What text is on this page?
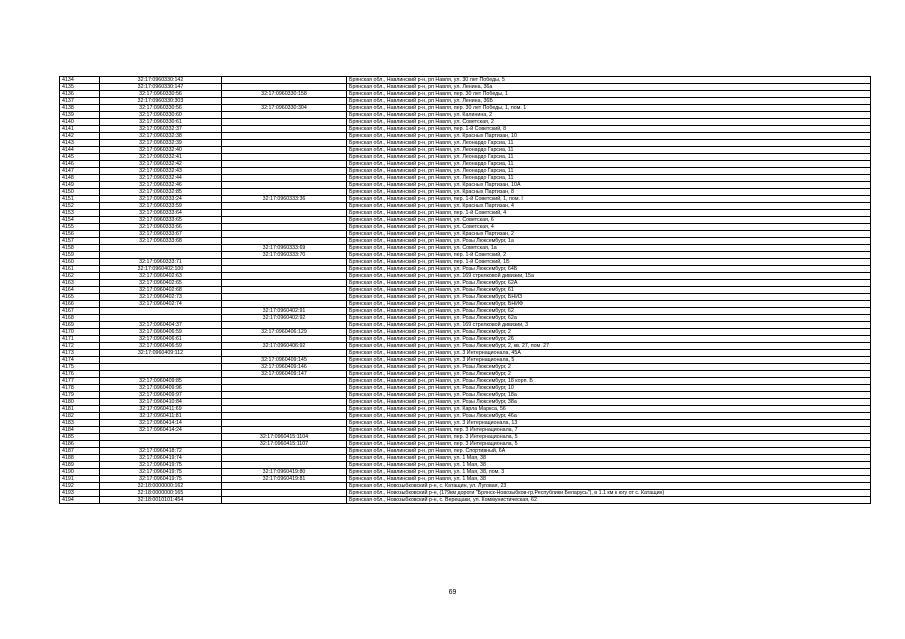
4134	32:17:0960330:142		Брянская обл., Навлинский р-н, рп Навля, ул. 30 лет Победы, 5
4135	32:17:0960330:147		Брянская обл., Навлинский р-н, рп Навля, ул. Ленина, 36а
4136	32:17:0960330:56	32:17:0960330:158	Брянская обл., Навлинский р-н, рп Навля, пер. 30 лет Победы, 1
4137	32:17:0960330:303		Брянская обл., Навлинский р-н, рп Навля, ул. Ленина, 36Б
4138	32:17:0960330:56	32:17:0960330:304	Брянская обл., Навлинский р-н, рп Навля, пер. 30 лет Победы, 1, пом. 1
4139	32:17:0960330:60		Брянская обл., Навлинский р-н, рп Навля, ул. Калинина, 2
4140	32:17:0960330:61		Брянская обл., Навлинский р-н, рп Навля, ул. Советская, 2
4141	32:17:0960332:37		Брянская обл., Навлинский р-н, рп Навля, пер. 1-й Советский, 8
4142	32:17:0960332:38		Брянская обл., Навлинский р-н, рп Навля, ул. Красных Партизан, 10
4143	32:17:0960332:39		Брянская обл., Навлинский р-н, рп Навля, ул. Леонардо Гарсиа, 11
4144	32:17:0960332:40		Брянская обл., Навлинский р-н, рп Навля, ул. Леонардо Гарсиа, 11
4145	32:17:0960332:41		Брянская обл., Навлинский р-н, рп Навля, ул. Леонардо Гарсиа, 11
4146	32:17:0960332:42		Брянская обл., Навлинский р-н, рп Навля, ул. Леонардо Гарсиа, 11
4147	32:17:0960332:43		Брянская обл., Навлинский р-н, рп Навля, ул. Леонардо Гарсиа, 11
4148	32:17:0960332:44		Брянская обл., Навлинский р-н, рп Навля, ул. Леонардо Гарсиа, 11
4149	32:17:0960332:46		Брянская обл., Навлинский р-н, рп Навля, ул. Красных Партизан, 10А
4150	32:17:0960332:85		Брянская обл., Навлинский р-н, рп Навля, ул. Красных Партизан, 8
4151	32:17:0960333:24	32:17:0960333:36	Брянская обл., Навлинский р-н, рп Навля, пер. 1-й Советский, 1, пом. I
4152	32:17:0960333:59		Брянская обл., Навлинский р-н, рп Навля, ул. Красных Партизан, 4
4153	32:17:0960333:64		Брянская обл., Навлинский р-н, рп Навля, пер. 1-й Советский, 4
4154	32:17:0960333:65		Брянская обл., Навлинский р-н, рп Навля, ул. Советская, 6
4155	32:17:0960333:66		Брянская обл., Навлинский р-н, рп Навля, ул. Советская, 4
4156	32:17:0960333:67		Брянская обл., Навлинский р-н, рп Навля, ул. Красных Партизан, 2
4157	32:17:0960333:68		Брянская обл., Навлинский р-н, рп Навля, ул. Розы Люксембург, 1а
4158		32:17:0960333:69	Брянская обл., Навлинский р-н, рп Навля, ул. Советская, 1а
4159		32:17:0960333:70	Брянская обл., Навлинский р-н, рп Навля, пер. 1-й Советский, 2
4160	32:17:0960333:71		Брянская обл., Навлинский р-н, рп Навля, пер. 1-й Советский, 1Б
4161	32:17:0960402:100		Брянская обл., Навлинский р-н, рп Навля, ул. Розы Люксембург, 64Б
4162	32:17:0960402:63		Брянская обл., Навлинский р-н, рп Навля, ул. 169 стрелковой дивизии, 15а
4163	32:17:0960402:65		Брянская обл., Навлинский р-н, рп Навля, ул. Розы Люксембург, 62А
4164	32:17:0960402:68		Брянская обл., Навлинский р-н, рп Навля, ул. Розы Люксембург, 61
4165	32:17:0960402:73		Брянская обл., Навлинский р-н, рп Навля, ул. Розы Люксембург, БНИЗ
4166	32:17:0960402:74		Брянская обл., Навлинский р-н, рп Навля, ул. Розы Люксембург, БНИФ
4167		32:17:0960402:91	Брянская обл., Навлинский р-н, рп Навля, ул. Розы Люксембург, 62
4168		32:17:0960402:92	Брянская обл., Навлинский р-н, рп Навля, ул. Розы Люксембург, 62а
4169	32:17:0960404:37		Брянская обл., Навлинский р-н, рп Навля, ул. 169 стрелковой дивизии, 3
4170	32:17:0960406:59	32:17:0960406:129	Брянская обл., Навлинский р-н, рп Навля, ул. Розы Люксембург, 2
4171	32:17:0960406:61		Брянская обл., Навлинский р-н, рп Навля, ул. Розы Люксембург, 26
4172	32:17:0960406:59	32:17:0960406:92	Брянская обл., Навлинский р-н, рп Навля, ул. Розы Люксембург, 2, кв. 27, пом. 27
4173	32:17:0960409:112		Брянская обл., Навлинский р-н, рп Навля, ул. 3 Интернационала, 45А
4174		32:17:0960409:145	Брянская обл., Навлинский р-н, рп Навля, ул. 3 Интернационала, 5
4175		32:17:0960409:146	Брянская обл., Навлинский р-н, рп Навля, ул. Розы Люксембург, 2
4176		32:17:0960409:147	Брянская обл., Навлинский р-н, рп Навля, ул. Розы Люксембург, 2
4177	32:17:0960409:85		Брянская обл., Навлинский р-н, рп Навля, ул. Розы Люксембург, 18 корп. Б
4178	32:17:0960409:96		Брянская обл., Навлинский р-н, рп Навля, ул. Розы Люксембург, 10
4179	32:17:0960409:97		Брянская обл., Навлинский р-н, рп Навля, ул. Розы Люксембург, 18а
4180	32:17:0960410:84		Брянская обл., Навлинский р-н, рп Навля, ул. Розы Люксембург, 38а
4181	32:17:0960411:69		Брянская обл., Навлинский р-н, рп Навля, ул. Карла Маркса, 56
4182	32:17:0960411:81		Брянская обл., Навлинский р-н, рп Навля, ул. Розы Люксембург, 46а
4183	32:17:0960414:14		Брянская обл., Навлинский р-н, рп Навля, ул. 3 Интернационала, 13
4184	32:17:0960414:24		Брянская обл., Навлинский р-н, рп Навля, пер. 3 Интернационала, 7
4185		32:17:0960415:1104	Брянская обл., Навлинский р-н, рп Навля, пер. 3 Интернационала, 5
4186		32:17:0960415:1107	Брянская обл., Навлинский р-н, рп Навля, пер. 3 Интернационала, 5
4187	32:17:0960418:72		Брянская обл., Навлинский р-н, рп Навля, пер. Спортивный, 6А
4188	32:17:0960419:74		Брянская обл., Навлинский р-н, рп Навля, ул. 1 Мая, 38
4189	32:17:0960419:75		Брянская обл., Навлинский р-н, рп Навля, ул. 1 Мая, 38
4190	32:17:0960419:75	32:17:0960419:80	Брянская обл., Навлинский р-н, рп Навля, ул. 1 Мая, 38, пом. 3
4191	32:17:0960419:75	32:17:0960419:81	Брянская обл., Навлинский р-н, рп Навля, ул. 1 Мая, 38
4192	32:18:0000000:162		Брянская обл., Новозыбковский р-н, с. Катащин, ул. Луговая, 23
4193	32:18:0000000:165		Брянская обл., Новозыбковский р-н, (179км дороги "Брянск-Новозыбков-гр.Республики Беларусь"), в 1.1 км к югу от с. Катащин)
4194	32:18:0010101:454		Брянская обл., Новозыбковский р-н, с. Верещаки, ул. Коммунистическая, 62
69
